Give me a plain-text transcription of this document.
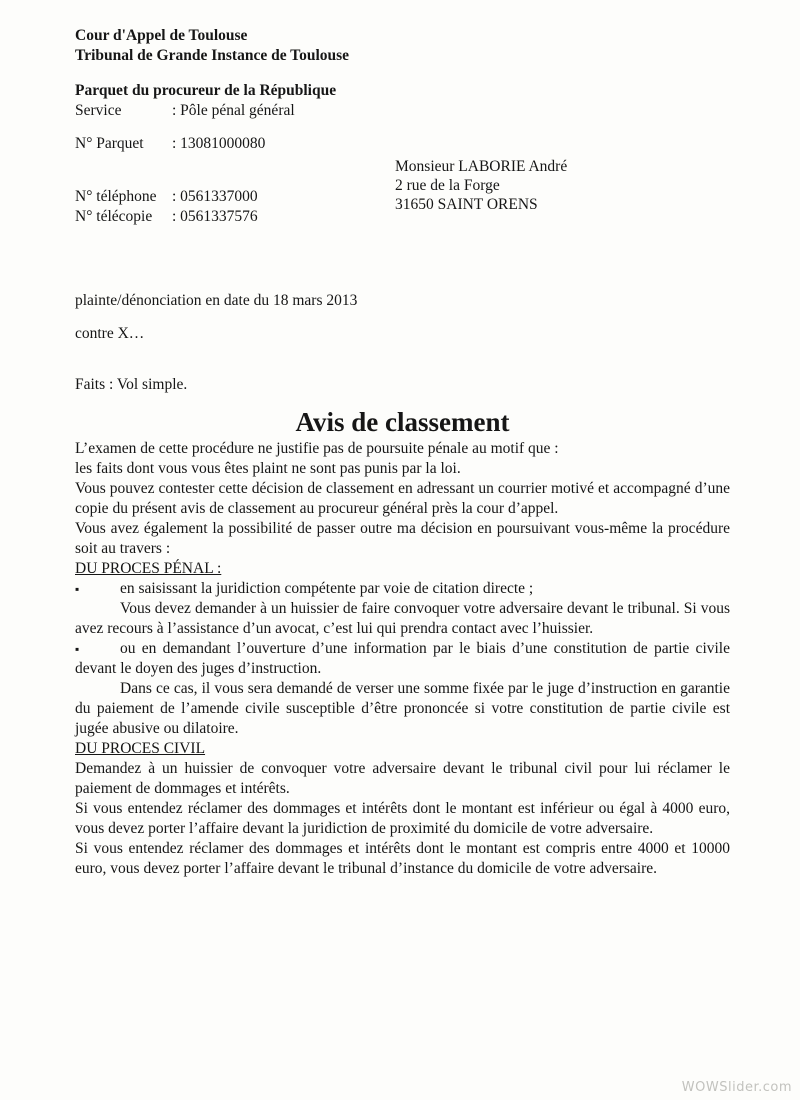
Cour d'Appel de Toulouse
Tribunal de Grande Instance de Toulouse
Parquet du procureur de la République
Service	: Pôle pénal général
N° Parquet	: 13081000080
N° téléphone : 0561337000
N° télécopie	: 0561337576
Monsieur LABORIE André
2 rue de la Forge
31650 SAINT ORENS
plainte/dénonciation en date du 18 mars 2013
contre X…
Faits : Vol simple.
Avis de classement

L’examen de cette procédure ne justifie pas de poursuite pénale au motif que :

les faits dont vous vous êtes plaint ne sont pas punis par la loi.

Vous pouvez contester cette décision de classement en adressant un courrier motivé et accompagné d’une copie du présent avis de classement au procureur général près la cour d’appel.

Vous avez également la possibilité de passer outre ma décision en poursuivant vous-même la procédure soit au travers :

DU PROCES PÉNAL :

▪	en saisissant la juridiction compétente par voie de citation directe ;

Vous devez demander à un huissier de faire convoquer votre adversaire devant le tribunal. Si vous avez recours à l’assistance d’un avocat, c’est lui qui prendra contact avec l’huissier.

▪	ou en demandant l’ouverture d’une information par le biais d’une constitution de partie civile devant le doyen des juges d’instruction.

Dans ce cas, il vous sera demandé de verser une somme fixée par le juge d’instruction en garantie du paiement de l’amende civile susceptible d’être prononcée si votre constitution de partie civile est jugée abusive ou dilatoire.

DU PROCES CIVIL

Demandez à un huissier de convoquer votre adversaire devant le tribunal civil pour lui réclamer le paiement de dommages et intérêts.

Si vous entendez réclamer des dommages et intérêts dont le montant est inférieur ou égal à 4000 euro, vous devez porter l’affaire devant la juridiction de proximité du domicile de votre adversaire.

Si vous entendez réclamer des dommages et intérêts dont le montant est compris entre 4000 et 10000 euro, vous devez porter l’affaire devant le tribunal d’instance du domicile de votre adversaire.

WOWSlider.com
